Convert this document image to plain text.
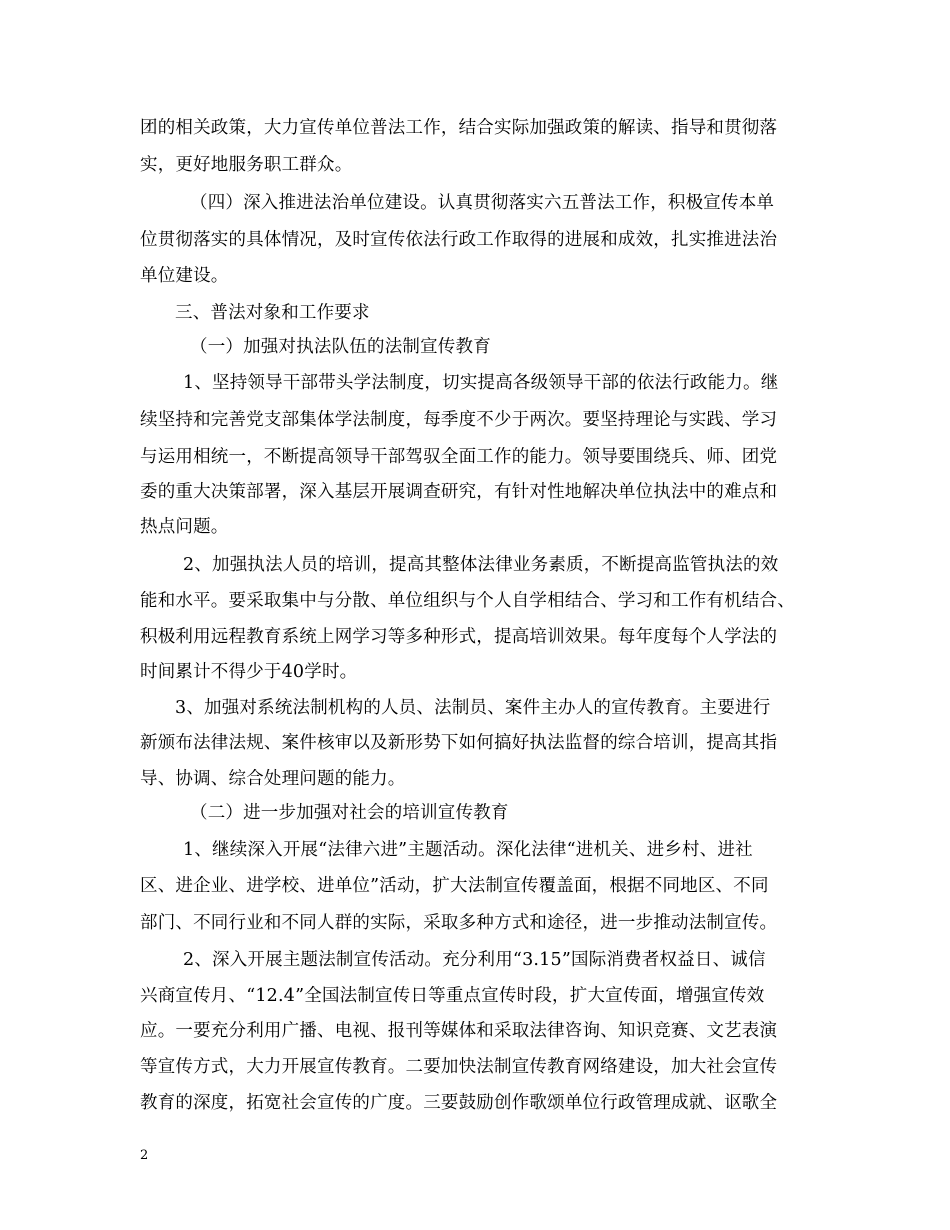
团的相关政策，大力宣传单位普法工作，结合实际加强政策的解读、指导和贯彻落
实，更好地服务职工群众。
（四）深入推进法治单位建设。认真贯彻落实六五普法工作，积极宣传本单
位贯彻落实的具体情况，及时宣传依法行政工作取得的进展和成效，扎实推进法治
单位建设。
三、普法对象和工作要求
（一）加强对执法队伍的法制宣传教育
1、坚持领导干部带头学法制度，切实提高各级领导干部的依法行政能力。继
续坚持和完善党支部集体学法制度，每季度不少于两次。要坚持理论与实践、学习
与运用相统一，不断提高领导干部驾驭全面工作的能力。领导要围绕兵、师、团党
委的重大决策部署，深入基层开展调查研究，有针对性地解决单位执法中的难点和
热点问题。
2、加强执法人员的培训，提高其整体法律业务素质，不断提高监管执法的效
能和水平。要采取集中与分散、单位组织与个人自学相结合、学习和工作有机结合、
积极利用远程教育系统上网学习等多种形式，提高培训效果。每年度每个人学法的
时间累计不得少于40学时。
3、加强对系统法制机构的人员、法制员、案件主办人的宣传教育。主要进行
新颁布法律法规、案件核审以及新形势下如何搞好执法监督的综合培训，提高其指
导、协调、综合处理问题的能力。
（二）进一步加强对社会的培训宣传教育
1、继续深入开展“法律六进”主题活动。深化法律“进机关、进乡村、进社
区、进企业、进学校、进单位”活动，扩大法制宣传覆盖面，根据不同地区、不同
部门、不同行业和不同人群的实际，采取多种方式和途径，进一步推动法制宣传。
2、深入开展主题法制宣传活动。充分利用“3.15”国际消费者权益日、诚信
兴商宣传月、“12.4”全国法制宣传日等重点宣传时段，扩大宣传面，增强宣传效
应。一要充分利用广播、电视、报刊等媒体和采取法律咨询、知识竞赛、文艺表演
等宣传方式，大力开展宣传教育。二要加快法制宣传教育网络建设，加大社会宣传
教育的深度，拓宽社会宣传的广度。三要鼓励创作歌颂单位行政管理成就、讴歌全
2
